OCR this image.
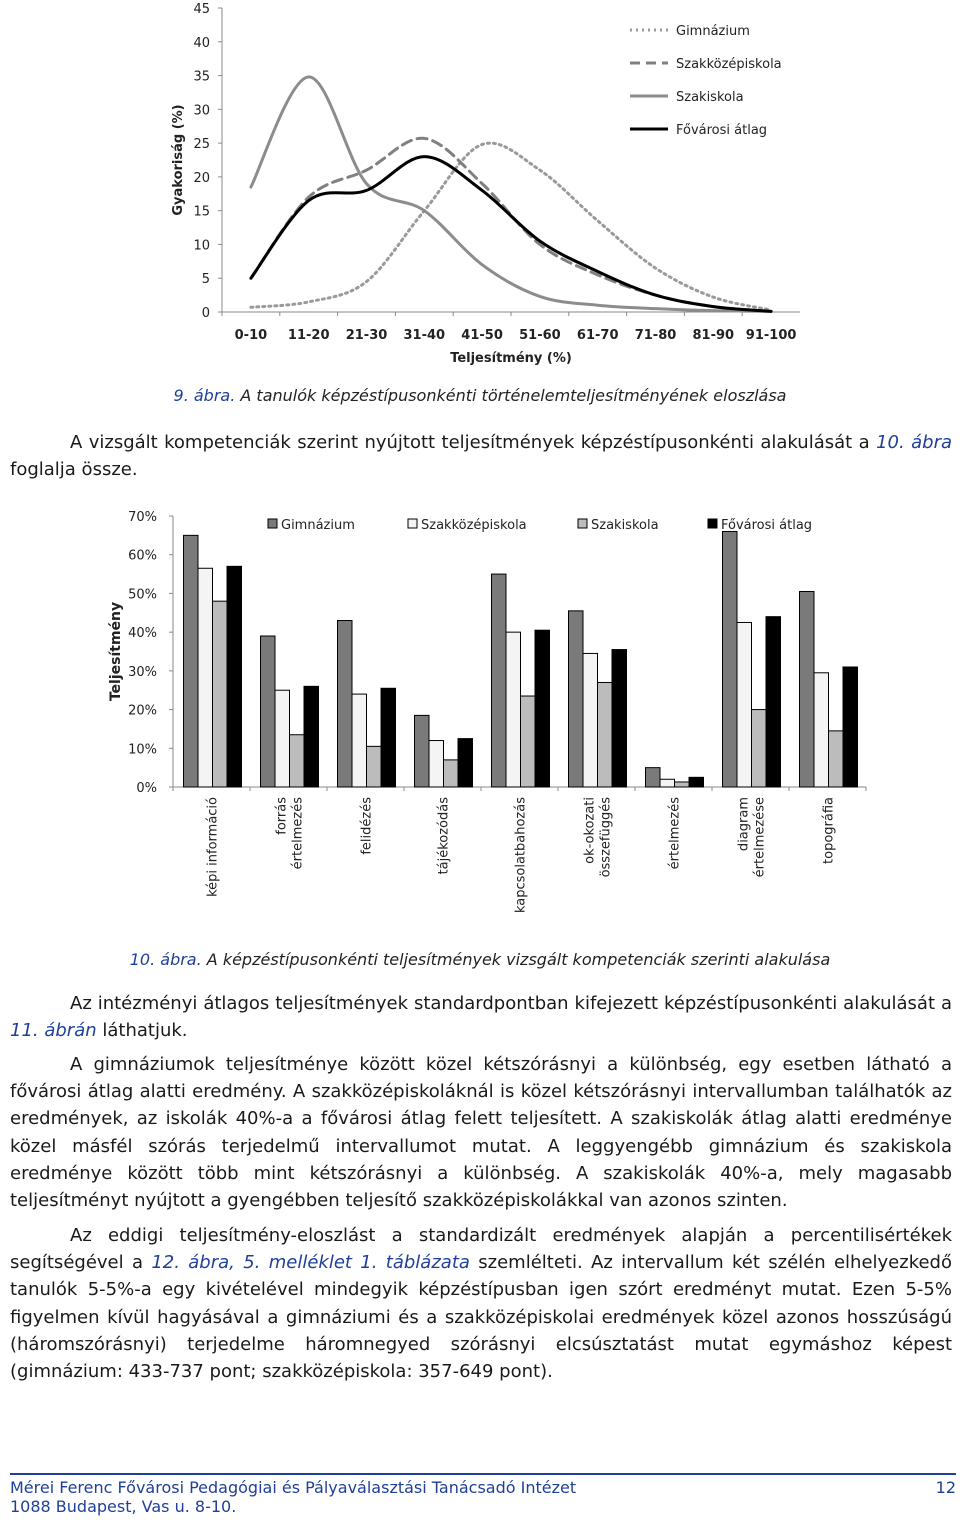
0
5
10
15
20
25
30
35
40
45
0-10 11-20 21-30 31-40 41-50 51-60 61-70 71-80 81-90 91-100
Teljesítmény (%)
Gyakoriság (%)
Gimnázium
Szakközépiskola
Szakiskola
Fővárosi átlag
9. ábra. A tanulók képzéstípusonkénti történelemteljesítményének eloszlása

A vizsgált kompetenciák szerint nyújtott teljesítmények képzéstípusonkénti alakulását a 10. ábra foglalja össze.

0%
10%
20%
30%
40%
50%
60%
70%
Teljesítmény
képi információ	forrás értelmezés	felidézés	tájékozódás	kapcsolatbahozás	ok-okozati összefüggés	értelmezés	diagram értelmezése	topográfia
Gimnázium	Szakközépiskola	Szakiskola	Fővárosi átlag
10. ábra. A képzéstípusonkénti teljesítmények vizsgált kompetenciák szerinti alakulása

Az intézményi átlagos teljesítmények standardpontban kifejezett képzéstípusonkénti alakulását a 11. ábrán láthatjuk.

A gimnáziumok teljesítménye között közel kétszórásnyi a különbség, egy esetben látható a fővárosi átlag alatti eredmény. A szakközépiskoláknál is közel kétszórásnyi intervallumban találhatók az eredmények, az iskolák 40%-a a fővárosi átlag felett teljesített. A szakiskolák átlag alatti eredménye közel másfél szórás terjedelmű intervallumot mutat. A leggyengébb gimnázium és szakiskola eredménye között több mint kétszórásnyi a különbség. A szakiskolák 40%-a, mely magasabb teljesítményt nyújtott a gyengébben teljesítő szakközépiskolákkal van azonos szinten.

Az eddigi teljesítmény-eloszlást a standardizált eredmények alapján a percentilisértékek segítségével a 12. ábra, 5. melléklet 1. táblázata szemlélteti. Az intervallum két szélén elhelyezkedő tanulók 5-5%-a egy kivételével mindegyik képzéstípusban igen szórt eredményt mutat. Ezen 5-5% figyelmen kívül hagyásával a gimnáziumi és a szakközépiskolai eredmények közel azonos hosszúságú (háromszórásnyi) terjedelme háromnegyed szórásnyi elcsúsztatást mutat egymáshoz képest (gimnázium: 433-737 pont; szakközépiskola: 357-649 pont).

Mérei Ferenc Fővárosi Pedagógiai és Pályaválasztási Tanácsadó Intézet
1088 Budapest, Vas u. 8-10.
12
